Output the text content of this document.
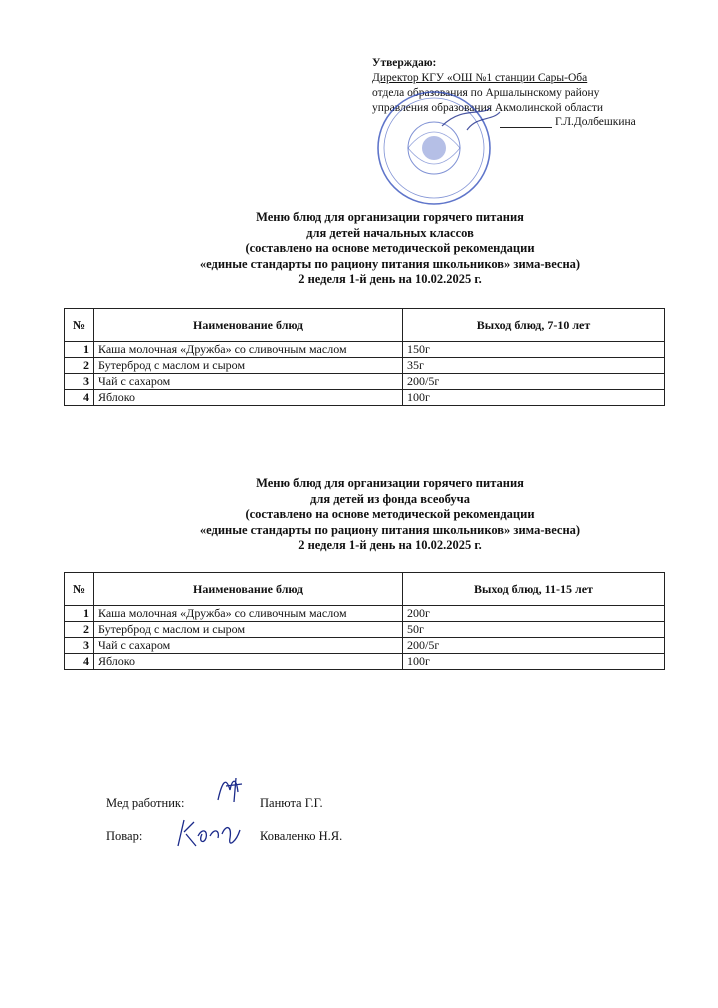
Утверждаю:
Директор КГУ «ОШ №1 станции Сары-Оба
отдела образования по Аршалынскому району
управления образования Акмолинской области
Г.Л.Долбешкина
Меню блюд для организации горячего питания
для детей начальных классов
(составлено на основе методической рекомендации
«единые стандарты по рациону питания школьников» зима-весна)
2 неделя 1-й день на 10.02.2025 г.
№	Наименование блюд	Выход блюд, 7-10 лет
1	Каша молочная «Дружба» со сливочным маслом	150г
2	Бутерброд с маслом и сыром	35г
3	Чай с сахаром	200/5г
4	Яблоко	100г
Меню блюд для организации горячего питания
для детей из фонда всеобуча
(составлено на основе методической рекомендации
«единые стандарты по рациону питания школьников» зима-весна)
2 неделя 1-й день на 10.02.2025 г.
№	Наименование блюд	Выход блюд, 11-15 лет
1	Каша молочная «Дружба» со сливочным маслом	200г
2	Бутерброд с маслом и сыром	50г
3	Чай с сахаром	200/5г
4	Яблоко	100г
Мед работник:	Панюта Г.Г.
Повар:	Коваленко Н.Я.
